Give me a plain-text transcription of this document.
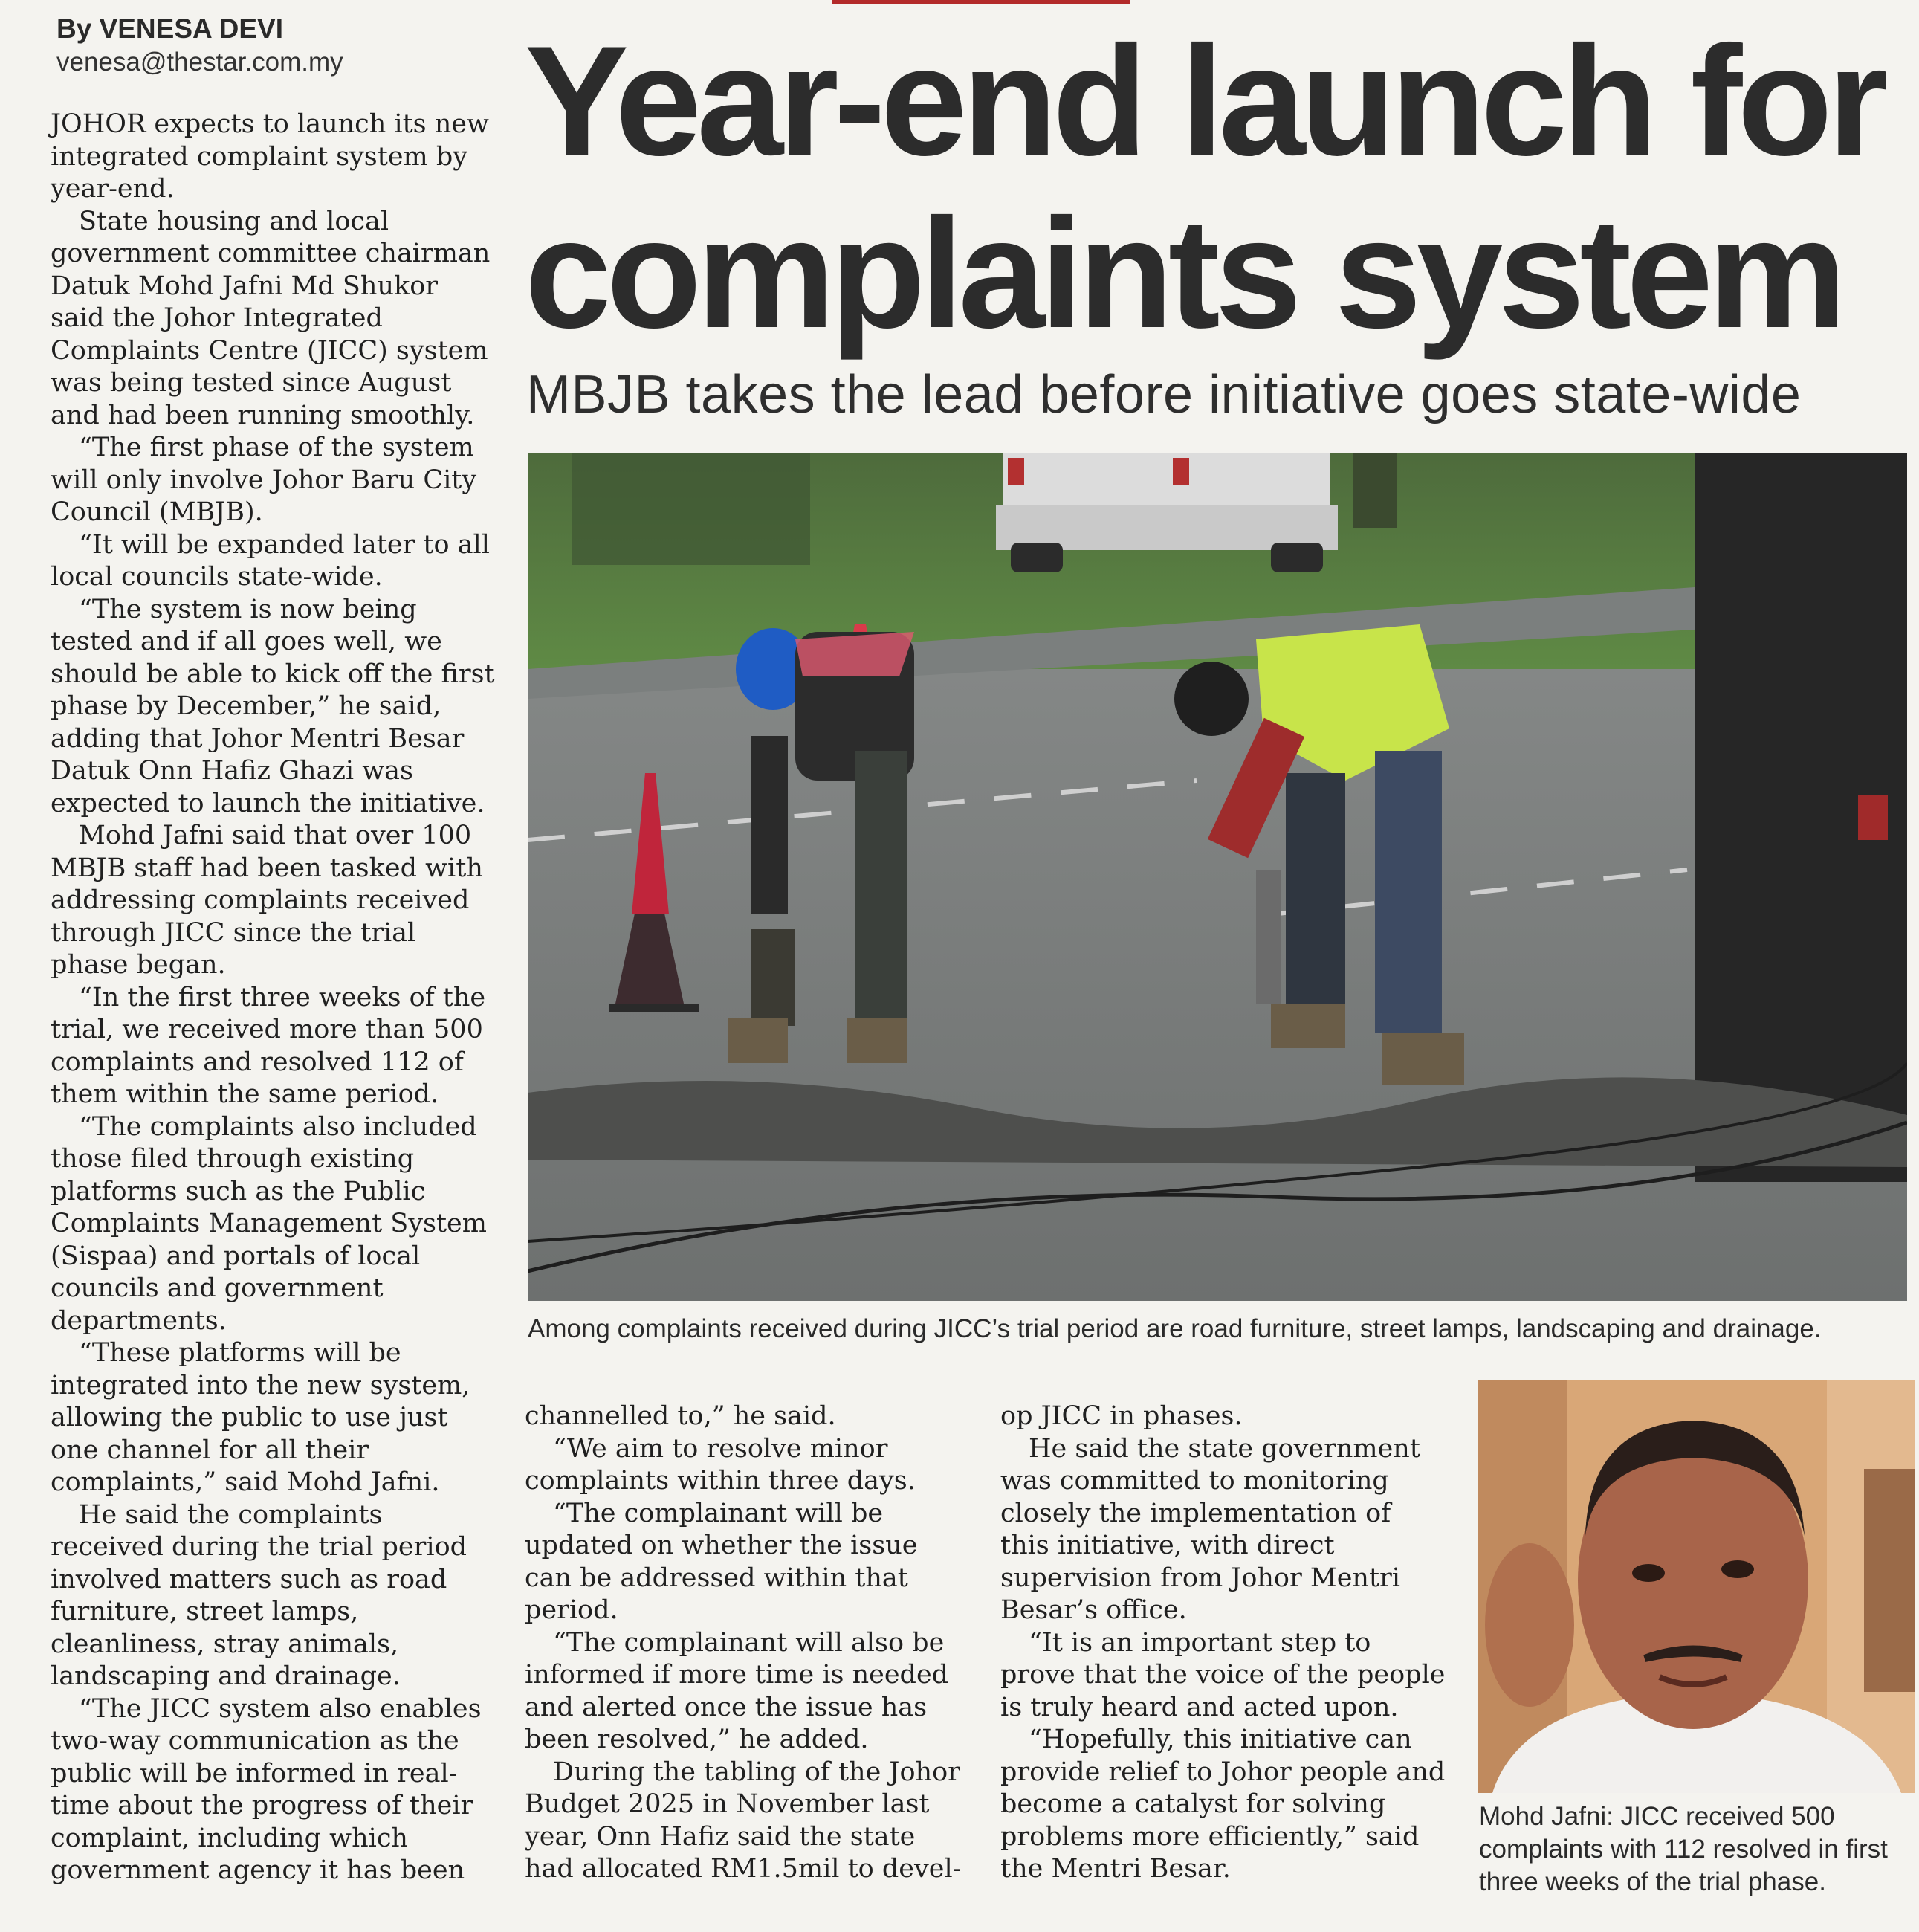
By VENESA DEVI
venesa@thestar.com.my	Year-end launch for
complaints system
MBJB takes the lead before initiative goes state-wide

JOHOR expects to launch its new integrated complaint system by year-end.

State housing and local government committee chairman Datuk Mohd Jafni Md Shukor said the Johor Integrated Complaints Centre (JICC) system was being tested since August and had been running smoothly.

“The first phase of the system will only involve Johor Baru City Council (MBJB).

“It will be expanded later to all local councils state-wide.

“The system is now being tested and if all goes well, we should be able to kick off the first phase by December,” he said, adding that Johor Mentri Besar Datuk Onn Hafiz Ghazi was expected to launch the initiative.

Mohd Jafni said that over 100 MBJB staff had been tasked with addressing complaints received through JICC since the trial phase began.

“In the first three weeks of the trial, we received more than 500 complaints and resolved 112 of them within the same period.

“The complaints also included those filed through existing platforms such as the Public Complaints Management System (Sispaa) and portals of local councils and government departments.

“These platforms will be integrated into the new system, allowing the public to use just one channel for all their complaints,” said Mohd Jafni.

He said the complaints received during the trial period involved matters such as road furniture, street lamps, cleanliness, stray animals, landscaping and drainage.

“The JICC system also enables two-way communication as the public will be informed in real-time about the progress of their complaint, including which government agency it has been

Among complaints received during JICC’s trial period are road furniture, street lamps, landscaping and drainage.

channelled to,” he said.

“We aim to resolve minor complaints within three days.

“The complainant will be updated on whether the issue can be addressed within that period.

“The complainant will also be informed if more time is needed and alerted once the issue has been resolved,” he added.

During the tabling of the Johor Budget 2025 in November last year, Onn Hafiz said the state had allocated RM1.5mil to devel-

op JICC in phases.

He said the state government was committed to monitoring closely the implementation of this initiative, with direct supervision from Johor Mentri Besar’s office.

“It is an important step to prove that the voice of the people is truly heard and acted upon.

“Hopefully, this initiative can provide relief to Johor people and become a catalyst for solving problems more efficiently,” said the Mentri Besar.

Mohd Jafni: JICC received 500 complaints with 112 resolved in first three weeks of the trial phase.
